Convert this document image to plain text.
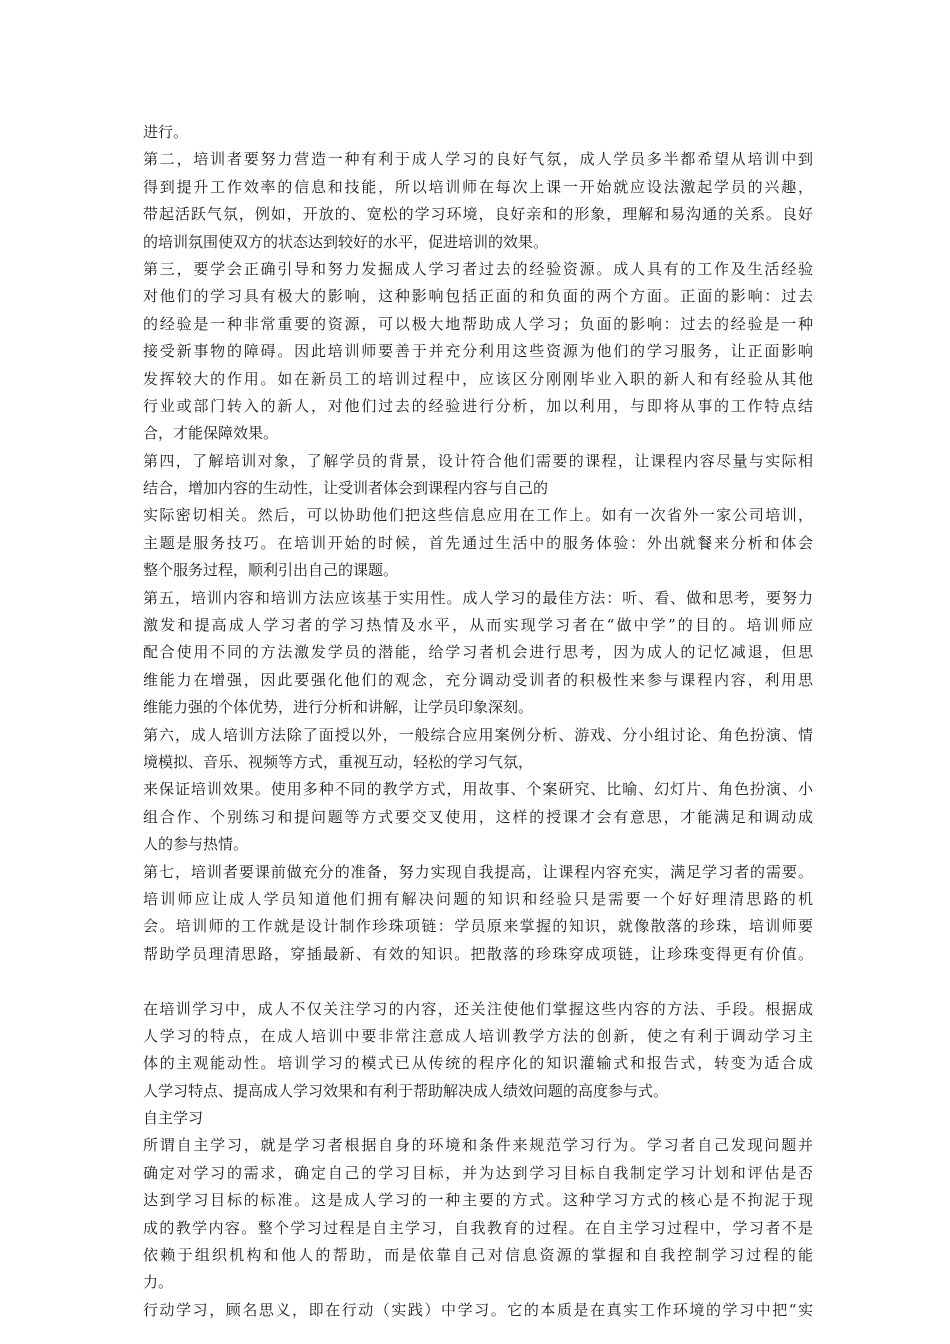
进行。
第二，培训者要努力营造一种有利于成人学习的良好气氛，成人学员多半都希望从培训中到
得到提升工作效率的信息和技能，所以培训师在每次上课一开始就应设法激起学员的兴趣，
带起活跃气氛，例如，开放的、宽松的学习环境，良好亲和的形象，理解和易沟通的关系。良好
的培训氛围使双方的状态达到较好的水平，促进培训的效果。
第三，要学会正确引导和努力发掘成人学习者过去的经验资源。成人具有的工作及生活经验
对他们的学习具有极大的影响，这种影响包括正面的和负面的两个方面。正面的影响：过去
的经验是一种非常重要的资源，可以极大地帮助成人学习；负面的影响：过去的经验是一种
接受新事物的障碍。因此培训师要善于并充分利用这些资源为他们的学习服务，让正面影响
发挥较大的作用。如在新员工的培训过程中，应该区分刚刚毕业入职的新人和有经验从其他
行业或部门转入的新人，对他们过去的经验进行分析，加以利用，与即将从事的工作特点结
合，才能保障效果。
第四，了解培训对象，了解学员的背景，设计符合他们需要的课程，让课程内容尽量与实际相
结合，增加内容的生动性，让受训者体会到课程内容与自己的
实际密切相关。然后，可以协助他们把这些信息应用在工作上。如有一次省外一家公司培训，
主题是服务技巧。在培训开始的时候，首先通过生活中的服务体验：外出就餐来分析和体会
整个服务过程，顺利引出自己的课题。
第五，培训内容和培训方法应该基于实用性。成人学习的最佳方法：听、看、做和思考，要努力
激发和提高成人学习者的学习热情及水平，从而实现学习者在“做中学”的目的。培训师应
配合使用不同的方法激发学员的潜能，给学习者机会进行思考，因为成人的记忆减退，但思
维能力在增强，因此要强化他们的观念，充分调动受训者的积极性来参与课程内容，利用思
维能力强的个体优势，进行分析和讲解，让学员印象深刻。
第六，成人培训方法除了面授以外，一般综合应用案例分析、游戏、分小组讨论、角色扮演、情
境模拟、音乐、视频等方式，重视互动，轻松的学习气氛，
来保证培训效果。使用多种不同的教学方式，用故事、个案研究、比喻、幻灯片、角色扮演、小
组合作、个别练习和提问题等方式要交叉使用，这样的授课才会有意思，才能满足和调动成
人的参与热情。
第七，培训者要课前做充分的准备，努力实现自我提高，让课程内容充实，满足学习者的需要。
培训师应让成人学员知道他们拥有解决问题的知识和经验只是需要一个好好理清思路的机
会。培训师的工作就是设计制作珍珠项链：学员原来掌握的知识，就像散落的珍珠，培训师要
帮助学员理清思路，穿插最新、有效的知识。把散落的珍珠穿成项链，让珍珠变得更有价值。
在培训学习中，成人不仅关注学习的内容，还关注使他们掌握这些内容的方法、手段。根据成
人学习的特点，在成人培训中要非常注意成人培训教学方法的创新，使之有利于调动学习主
体的主观能动性。培训学习的模式已从传统的程序化的知识灌输式和报告式，转变为适合成
人学习特点、提高成人学习效果和有利于帮助解决成人绩效问题的高度参与式。
自主学习
所谓自主学习，就是学习者根据自身的环境和条件来规范学习行为。学习者自己发现问题并
确定对学习的需求，确定自己的学习目标，并为达到学习目标自我制定学习计划和评估是否
达到学习目标的标准。这是成人学习的一种主要的方式。这种学习方式的核心是不拘泥于现
成的教学内容。整个学习过程是自主学习，自我教育的过程。在自主学习过程中，学习者不是
依赖于组织机构和他人的帮助，而是依靠自己对信息资源的掌握和自我控制学习过程的能
力。
行动学习，顾名思义，即在行动（实践）中学习。它的本质是在真实工作环境的学习中把“实
